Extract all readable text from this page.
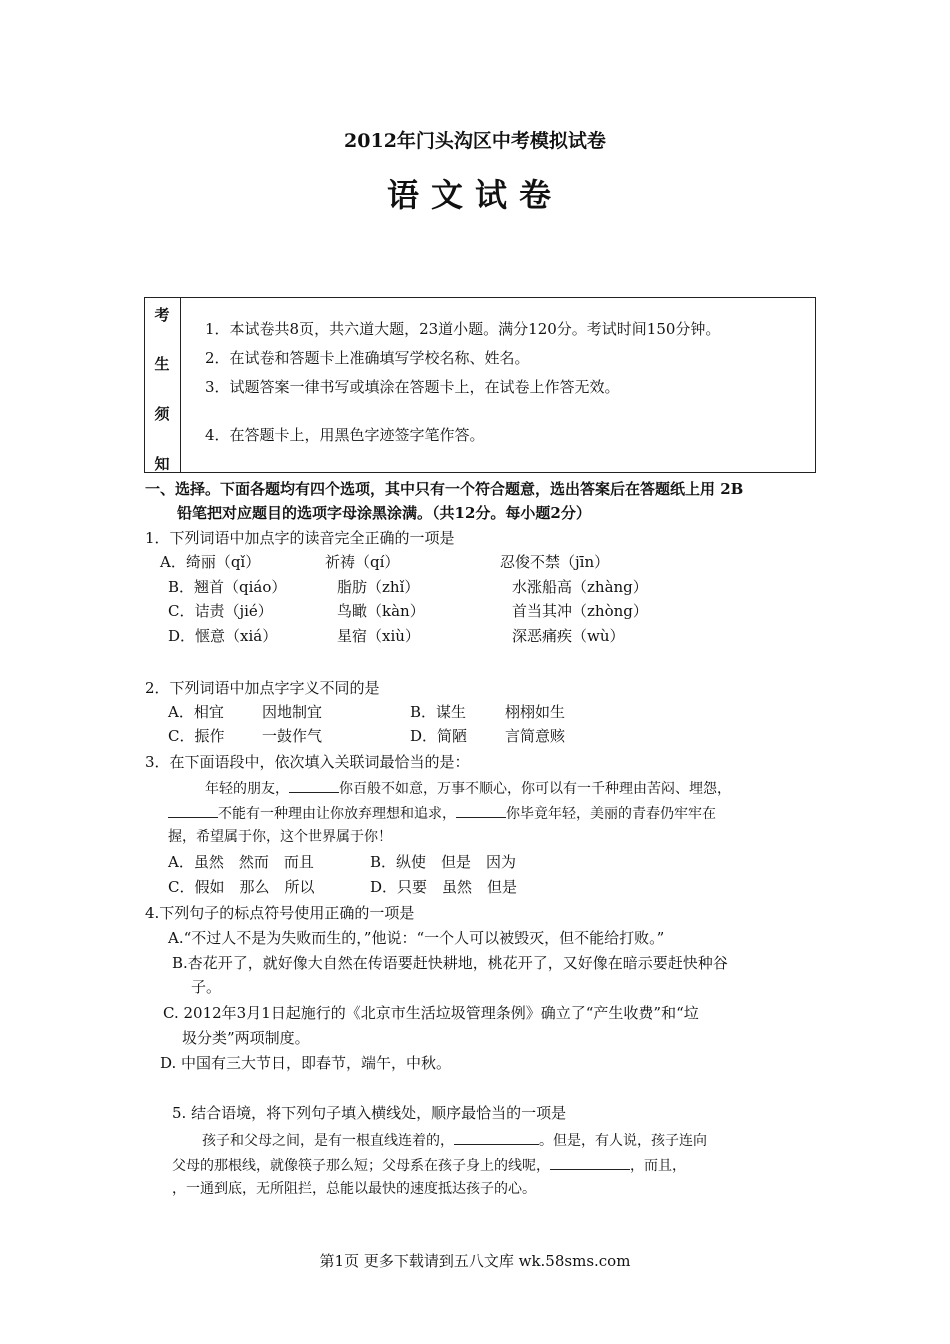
2012年门头沟区中考模拟试卷
语文试卷
考
生
须
知
1．本试卷共8页，共六道大题，23道小题。满分120分。考试时间150分钟。
2．在试卷和答题卡上准确填写学校名称、姓名。
3．试题答案一律书写或填涂在答题卡上，在试卷上作答无效。
4．在答题卡上，用黑色字迹签字笔作答。
一、选择。下面各题均有四个选项，其中只有一个符合题意，选出答案后在答题纸上用 2B
铅笔把对应题目的选项字母涂黑涂满。（共12分。每小题2分）
1．下列词语中加点字的读音完全正确的一项是
A．绮丽（qǐ）	祈祷（qí）	忍俊不禁（jīn）
B．翘首（qiáo）	脂肪（zhǐ）	水涨船高（zhàng）
C．诘责（jié）	鸟瞰（kàn）	首当其冲（zhòng）
D．惬意（xiá）	星宿（xiù）	深恶痛疾（wù）
2．下列词语中加点字字义不同的是
A．相宜	因地制宜	B．谋生	栩栩如生
C．振作	一鼓作气	D．简陋	言简意赅
3．在下面语段中，依次填入关联词最恰当的是：
年轻的朋友，	你百般不如意，万事不顺心，你可以有一千种理由苦闷、埋怨，
不能有一种理由让你放弃理想和追求，	你毕竟年轻，美丽的青春仍牢牢在
握，希望属于你，这个世界属于你！
A．虽然　然而　而且	B．纵使　但是　因为
C．假如　那么　所以	D．只要　虽然　但是
4.下列句子的标点符号使用正确的一项是
A.“不过人不是为失败而生的，”他说：“一个人可以被毁灭，但不能给打败。”
B.杏花开了，就好像大自然在传语要赶快耕地，桃花开了，又好像在暗示要赶快种谷
子。
C. 2012年3月1日起施行的《北京市生活垃圾管理条例》确立了“产生收费”和“垃
圾分类”两项制度。
D. 中国有三大节日，即春节，端午，中秋。
5. 结合语境，将下列句子填入横线处，顺序最恰当的一项是
孩子和父母之间，是有一根直线连着的，	。但是，有人说，孩子连向
父母的那根线，就像筷子那么短；父母系在孩子身上的线呢，	，而且，
，一通到底，无所阻拦，总能以最快的速度抵达孩子的心。
第1页 更多下载请到五八文库 wk.58sms.com
